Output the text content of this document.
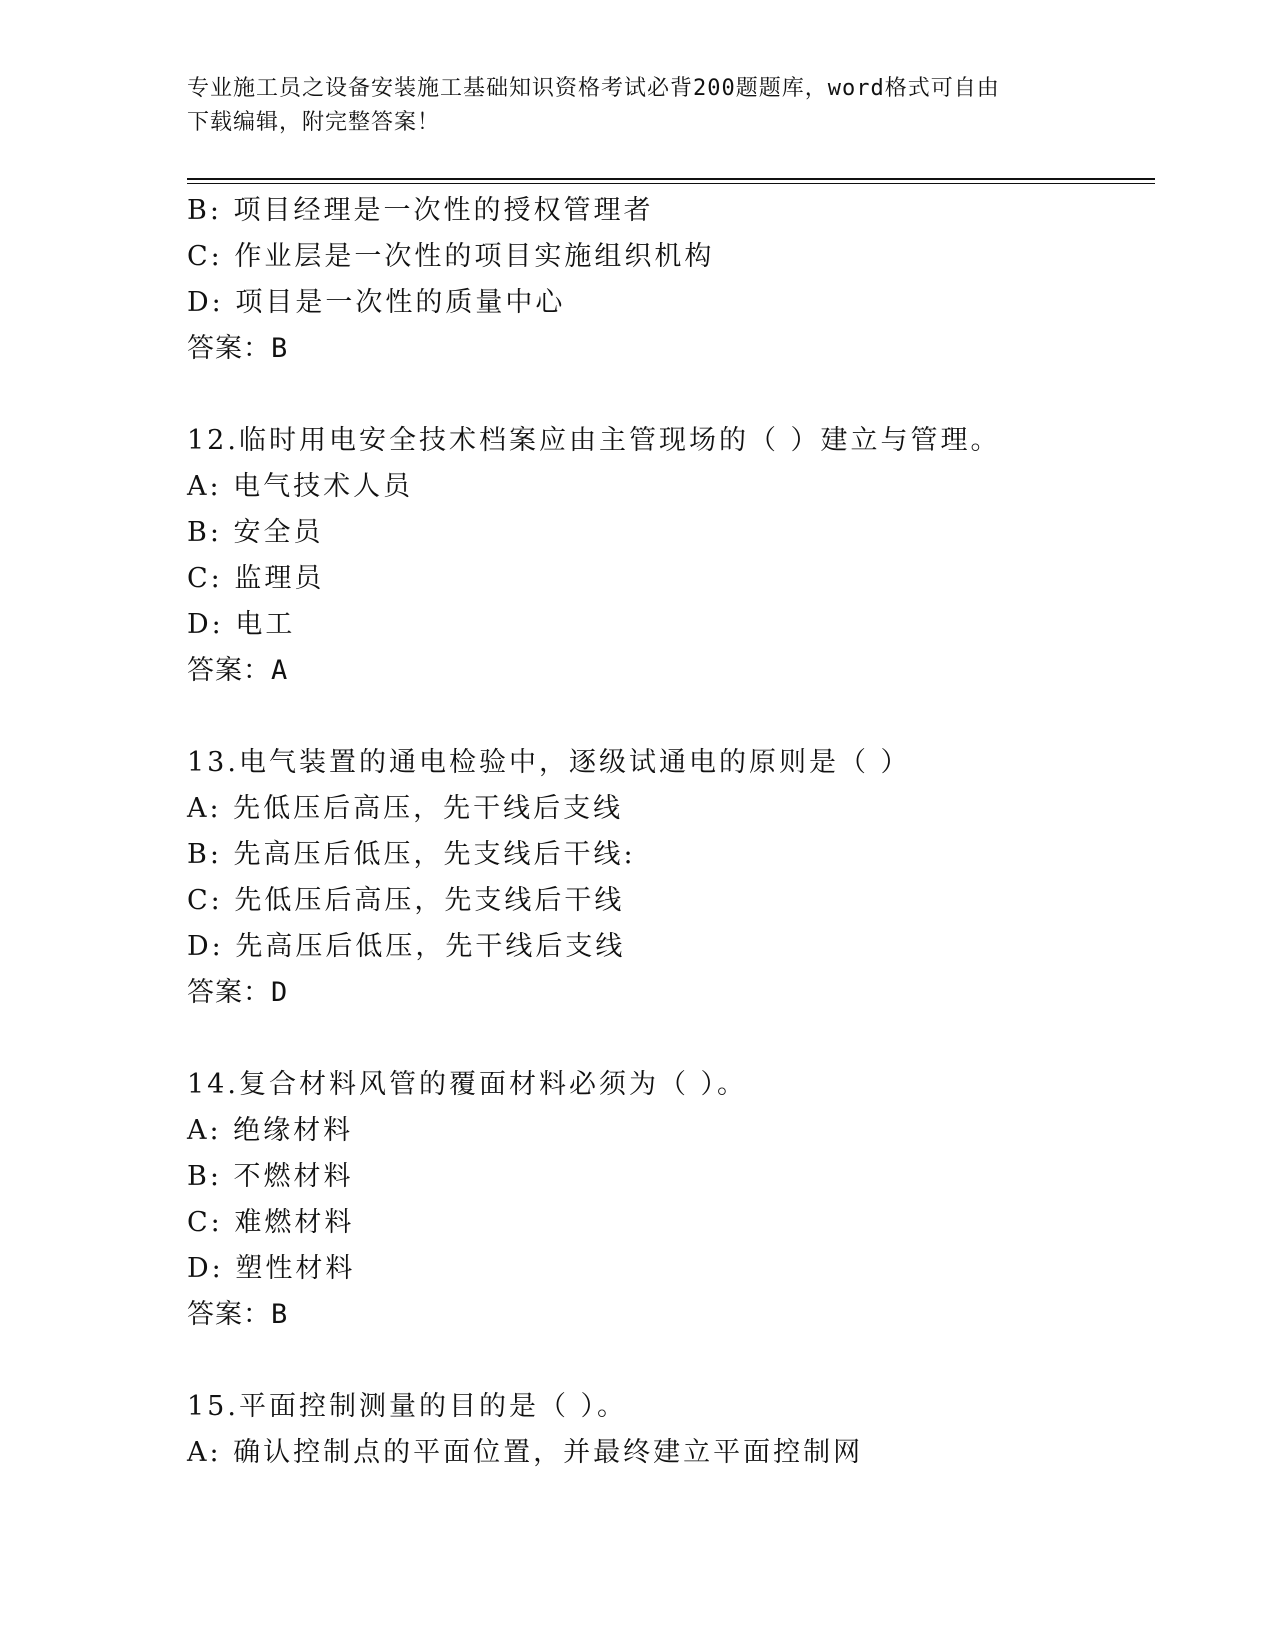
专业施工员之设备安装施工基础知识资格考试必背200题题库，word格式可自由
下载编辑，附完整答案！
B: 项目经理是一次性的授权管理者
C: 作业层是一次性的项目实施组织机构
D: 项目是一次性的质量中心
答案：B
12.临时用电安全技术档案应由主管现场的（ ）建立与管理。
A: 电气技术人员
B: 安全员
C: 监理员
D: 电工
答案：A
13.电气装置的通电检验中，逐级试通电的原则是（ ）
A: 先低压后高压，先干线后支线
B: 先高压后低压，先支线后干线:
C: 先低压后高压，先支线后干线
D: 先高压后低压，先干线后支线
答案：D
14.复合材料风管的覆面材料必须为（ ）。
A: 绝缘材料
B: 不燃材料
C: 难燃材料
D: 塑性材料
答案：B
15.平面控制测量的目的是（ ）。
A: 确认控制点的平面位置，并最终建立平面控制网
